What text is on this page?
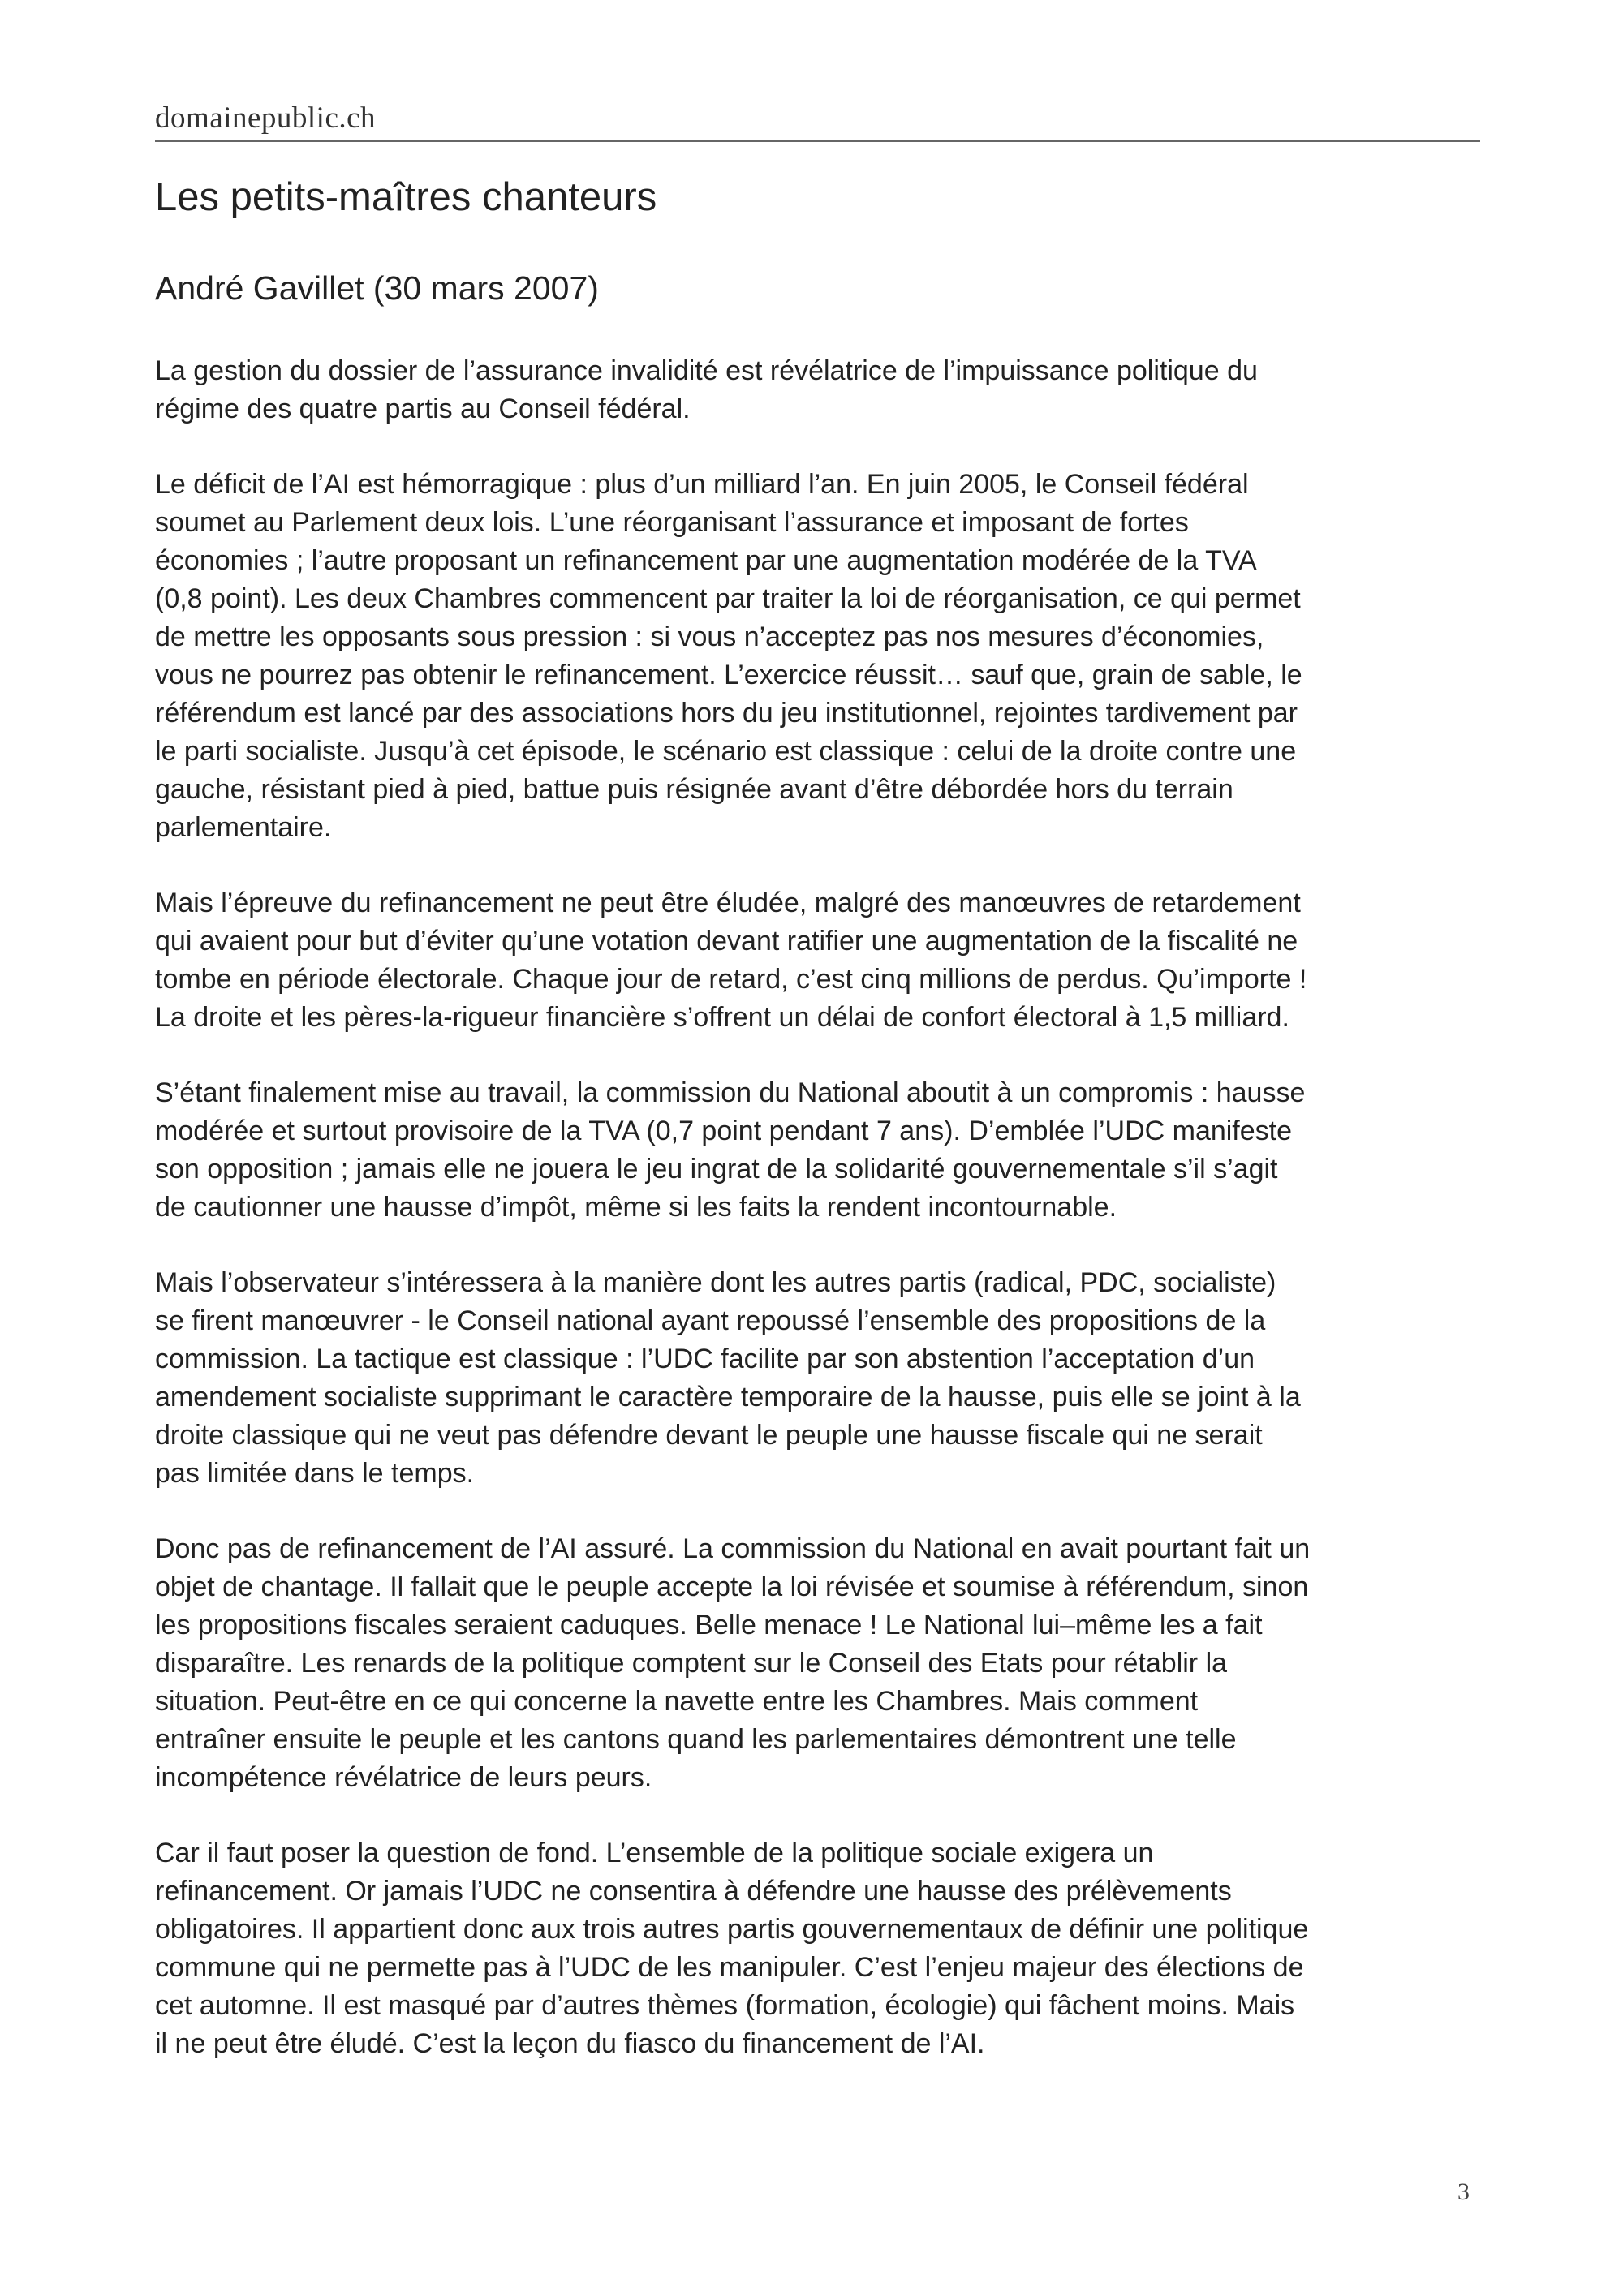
domainepublic.ch
Les petits-maîtres chanteurs
André Gavillet (30 mars 2007)

La gestion du dossier de l’assurance invalidité est révélatrice de l’impuissance politique du
régime des quatre partis au Conseil fédéral.

Le déficit de l’AI est hémorragique : plus d’un milliard l’an. En juin 2005, le Conseil fédéral
soumet au Parlement deux lois. L’une réorganisant l’assurance et imposant de fortes
économies ; l’autre proposant un refinancement par une augmentation modérée de la TVA
(0,8 point). Les deux Chambres commencent par traiter la loi de réorganisation, ce qui permet
de mettre les opposants sous pression : si vous n’acceptez pas nos mesures d’économies,
vous ne pourrez pas obtenir le refinancement. L’exercice réussit… sauf que, grain de sable, le
référendum est lancé par des associations hors du jeu institutionnel, rejointes tardivement par
le parti socialiste. Jusqu’à cet épisode, le scénario est classique : celui de la droite contre une
gauche, résistant pied à pied, battue puis résignée avant d’être débordée hors du terrain
parlementaire.

Mais l’épreuve du refinancement ne peut être éludée, malgré des manœuvres de retardement
qui avaient pour but d’éviter qu’une votation devant ratifier une augmentation de la fiscalité ne
tombe en période électorale. Chaque jour de retard, c’est cinq millions de perdus. Qu’importe !
La droite et les pères-la-rigueur financière s’offrent un délai de confort électoral à 1,5 milliard.

S’étant finalement mise au travail, la commission du National aboutit à un compromis : hausse
modérée et surtout provisoire de la TVA (0,7 point pendant 7 ans). D’emblée l’UDC manifeste
son opposition ; jamais elle ne jouera le jeu ingrat de la solidarité gouvernementale s’il s’agit
de cautionner une hausse d’impôt, même si les faits la rendent incontournable.

Mais l’observateur s’intéressera à la manière dont les autres partis (radical, PDC, socialiste)
se firent manœuvrer - le Conseil national ayant repoussé l’ensemble des propositions de la
commission. La tactique est classique : l’UDC facilite par son abstention l’acceptation d’un
amendement socialiste supprimant le caractère temporaire de la hausse, puis elle se joint à la
droite classique qui ne veut pas défendre devant le peuple une hausse fiscale qui ne serait
pas limitée dans le temps.

Donc pas de refinancement de l’AI assuré. La commission du National en avait pourtant fait un
objet de chantage. Il fallait que le peuple accepte la loi révisée et soumise à référendum, sinon
les propositions fiscales seraient caduques. Belle menace ! Le National lui–même les a fait
disparaître. Les renards de la politique comptent sur le Conseil des Etats pour rétablir la
situation. Peut-être en ce qui concerne la navette entre les Chambres. Mais comment
entraîner ensuite le peuple et les cantons quand les parlementaires démontrent une telle
incompétence révélatrice de leurs peurs.

Car il faut poser la question de fond. L’ensemble de la politique sociale exigera un
refinancement. Or jamais l’UDC ne consentira à défendre une hausse des prélèvements
obligatoires. Il appartient donc aux trois autres partis gouvernementaux de définir une politique
commune qui ne permette pas à l’UDC de les manipuler. C’est l’enjeu majeur des élections de
cet automne. Il est masqué par d’autres thèmes (formation, écologie) qui fâchent moins. Mais
il ne peut être éludé. C’est la leçon du fiasco du financement de l’AI.

3
